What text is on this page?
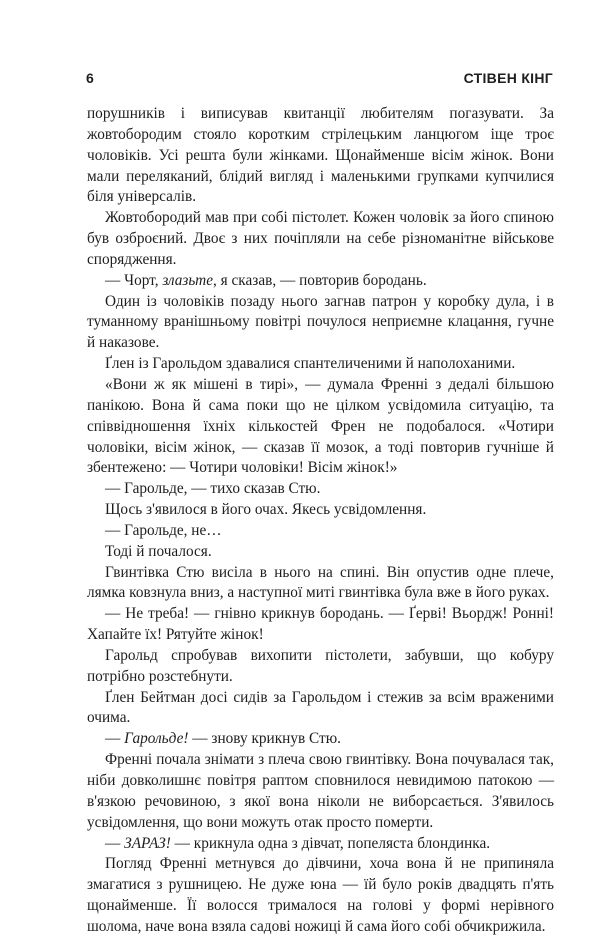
6	СТІВЕН КІНГ

порушників і виписував квитанції любителям погазувати. За жовтобородим стояло коротким стрілецьким ланцюгом іще троє чоловіків. Усі решта були жінками. Щонайменше вісім жінок. Вони мали переляканий, блідий вигляд і маленькими групками купчилися біля універсалів.

Жовтобородий мав при собі пістолет. Кожен чоловік за його спиною був озброєний. Двоє з них почіпляли на себе різноманітне військове спорядження.

— Чорт, злазьте, я сказав, — повторив бородань.

Один із чоловіків позаду нього загнав патрон у коробку дула, і в туманному вранішньому повітрі почулося неприємне клацання, гучне й наказове.

Ґлен із Гарольдом здавалися спантеличеними й наполоханими.

«Вони ж як мішені в тирі», — думала Френні з дедалі більшою панікою. Вона й сама поки що не цілком усвідомила ситуацію, та співвідношення їхніх кількостей Френ не подобалося. «Чотири чоловіки, вісім жінок, — сказав її мозок, а тоді повторив гучніше й збентежено: — Чотири чоловіки! Вісім жінок!»

— Гарольде, — тихо сказав Стю.

Щось з'явилося в його очах. Якесь усвідомлення.

— Гарольде, не…

Тоді й почалося.

Гвинтівка Стю висіла в нього на спині. Він опустив одне плече, лямка ковзнула вниз, а наступної миті гвинтівка була вже в його руках.

— Не треба! — гнівно крикнув бородань. — Ґерві! Вьордж! Ронні! Хапайте їх! Рятуйте жінок!

Гарольд спробував вихопити пістолети, забувши, що кобуру потрібно розстебнути.

Ґлен Бейтман досі сидів за Гарольдом і стежив за всім враженими очима.

— Гарольде! — знову крикнув Стю.

Френні почала знімати з плеча свою гвинтівку. Вона почувалася так, ніби довколишнє повітря раптом сповнилося невидимою патокою — в'язкою речовиною, з якої вона ніколи не виборсається. З'явилось усвідомлення, що вони можуть отак просто померти.

— ЗАРАЗ! — крикнула одна з дівчат, попеляста блондинка.

Погляд Френні метнувся до дівчини, хоча вона й не припиняла змагатися з рушницею. Не дуже юна — їй було років двадцять п'ять щонайменше. Її волосся трималося на голові у формі нерівного шолома, наче вона взяла садові ножиці й сама його собі обчикрижила.
